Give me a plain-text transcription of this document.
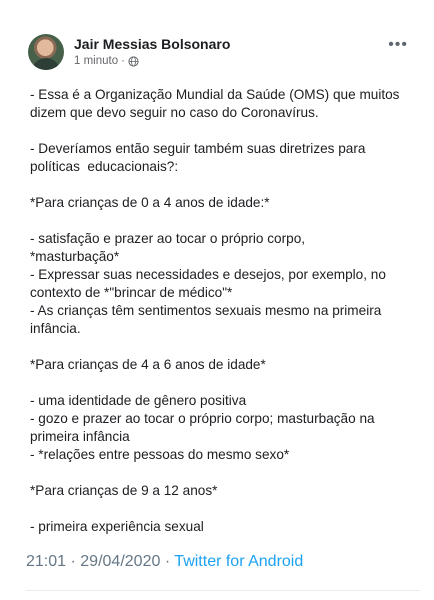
Jair Messias Bolsonaro
1 minuto ·
•••

- Essa é a Organização Mundial da Saúde (OMS) que muitos

dizem que devo seguir no caso do Coronavírus.

- Deveríamos então seguir também suas diretrizes para

políticas  educacionais?:

*Para crianças de 0 a 4 anos de idade:*

- satisfação e prazer ao tocar o próprio corpo,

*masturbação*

- Expressar suas necessidades e desejos, por exemplo, no

contexto de *"brincar de médico"*

- As crianças têm sentimentos sexuais mesmo na primeira

infância.

*Para crianças de 4 a 6 anos de idade*

- uma identidade de gênero positiva

- gozo e prazer ao tocar o próprio corpo; masturbação na

primeira infância

- *relações entre pessoas do mesmo sexo*

*Para crianças de 9 a 12 anos*

- primeira experiência sexual

21:01 · 29/04/2020 · Twitter for Android
